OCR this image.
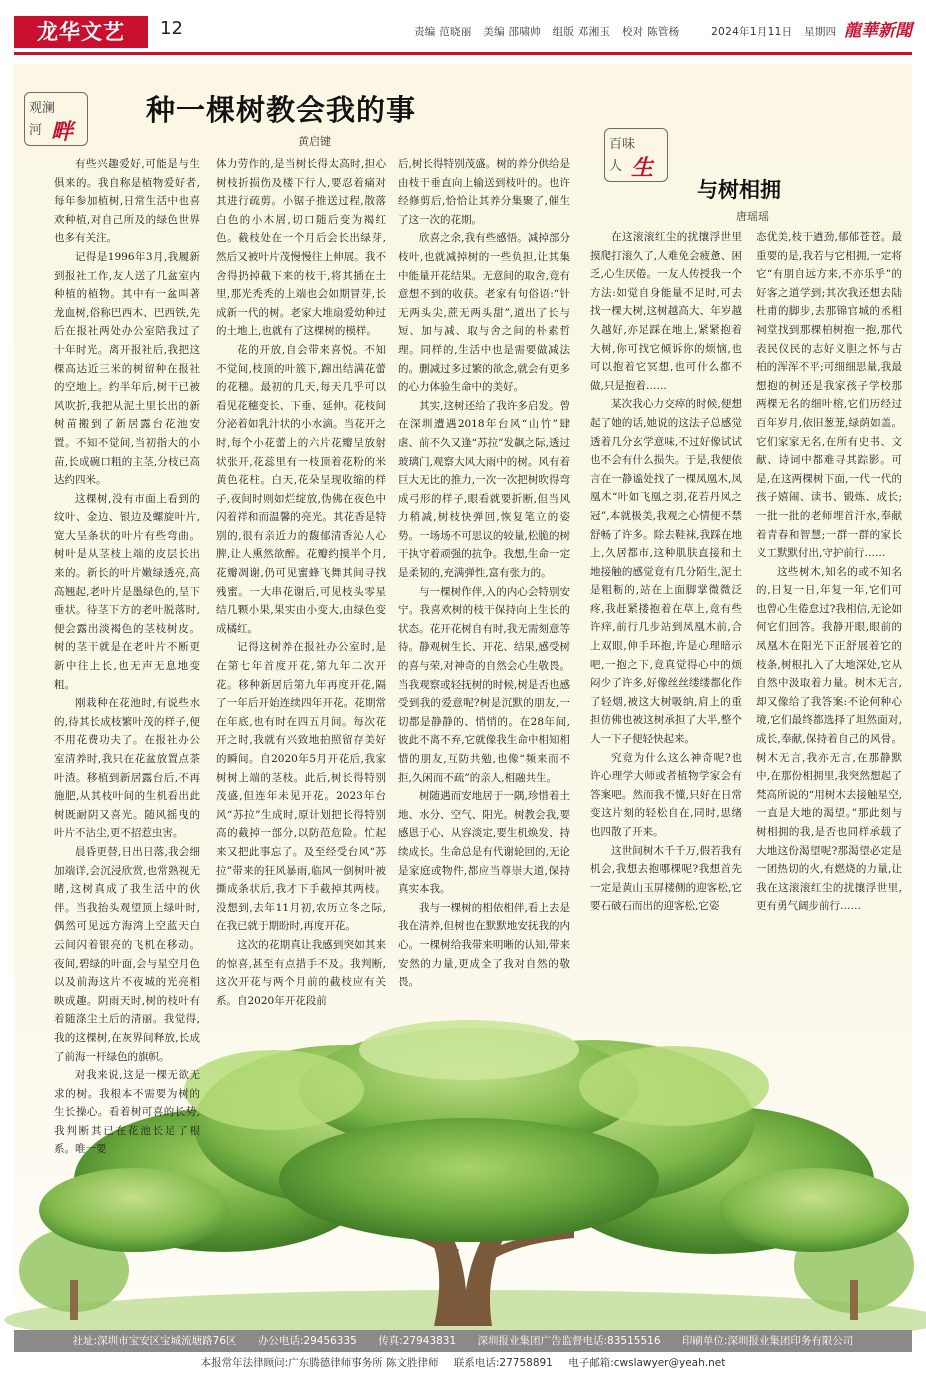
龙华文艺	12	责编 范晓丽 美编 邵啸帅 组版 邓湘玉 校对 陈管杨	2024年1月11日 星期四 龍華新聞
观澜
河 畔
种一棵树教会我的事
黄启键

有些兴趣爱好,可能是与生俱来的。我自称是植物爱好者,每年参加植树,日常生活中也喜欢种植,对自己所及的绿色世界也多有关注。

记得是1996年3月,我履新到报社工作,友人送了几盆室内种植的植物。其中有一盆叫著龙血树,俗称巴西木、巴西铁,先后在报社两处办公室陪我过了十年时光。离开报社后,我把这棵高达近三米的树留种在报社的空地上。约半年后,树干已被风吹折,我把从泥土里长出的新树苗搬到了新居露台花池安置。不知不觉间,当初指大的小苗,长成碗口粗的主茎,分枝已高达约四米。

这棵树,没有市面上看到的纹叶、金边、银边及螺旋叶片,宽大呈条状的叶片有些弯曲。树叶是从茎枝上端的皮层长出来的。新长的叶片嫩绿透亮,高高翘起,老叶片是墨绿色的,呈下垂状。待茎下方的老叶脱落时,便会露出淡褐色的茎枝树皮。树的茎干就是在老叶片不断更新中往上长,也无声无息地变粗。

刚栽种在花池时,有说些水的,待其长成枝繁叶茂的样子,便不用花费功夫了。在报社办公室清养时,我只在花盆放置点茶叶渣。移植到新居露台后,不再施肥,从其枝叶间的生机看出此树既耐阴又喜光。随风摇曳的叶片不沾尘,更不招惹虫害。

晨昏更替,日出日落,我会细加端详,会沉浸欣赏,也常熟视无睹,这树真成了我生活中的伙伴。当我抬头观望顶上绿叶时,偶然可见远方海湾上空蓝天白云间闪着银亮的飞机在移动。夜间,碧绿的叶面,会与星空月色以及前海这片不夜城的光亮相映成趣。阴雨天时,树的枝叶有着随涤尘土后的清丽。我觉得,我的这棵树,在灰界间释放,长成了前海一杆绿色的旗帜。

对我来说,这是一棵无欲无求的树。我根本不需要为树的生长操心。看着树可喜的长势,我判断其已在花池长足了根系。唯一要

体力劳作的,是当树长得太高时,担心树枝折损伤及楼下行人,要忍着痛对其进行疏剪。小锯子推送过程,散落白色的小木屑,切口随后变为褐红色。截枝处在一个月后会长出绿芽,然后又被叶片茂慢慢往上伸展。我不舍得扔掉截下来的枝干,将其插在土里,那光秃秃的上端也会如期冒芽,长成新一代的树。老家大堆扇爱幼种过的土地上,也就有了这棵树的模样。

花的开放,自会带来喜悦。不知不觉间,枝顶的叶簇下,蹿出结满花蕾的花穗。最初的几天,每天几乎可以看见花穗变长、下垂、延伸。花枝间分泌着如乳汁状的小水滴。当花开之时,每个小花蕾上的六片花瓣呈放射状张开,花蕊里有一枝顶着花粉的米黄色花柱。白天,花朵呈现收缩的样子,夜间时则如烂绽放,伪佛在夜色中闪着祥和而温馨的亮光。其花香是特别的,很有亲近力的馥郁清香沁人心脾,让人熏然欲醉。花瓣约摸半个月,花瓣凋谢,仍可见蜜蜂飞舞其间寻找残蜜。一大串花谢后,可见枝头零星结几颗小果,果实由小变大,由绿色变成橘红。

记得这树养在报社办公室时,是在第七年首度开花,第九年二次开花。移种新居后第九年再度开花,隔了一年后开始连续四年开花。花期常在年底,也有时在四五月间。每次花开之时,我就有兴致地拍照留存美好的瞬间。自2020年5月开花后,我家树树上端的茎枝。此后,树长得特别茂盛,但连年未见开花。2023年台风“苏拉”生成时,原计划把长得特别高的截掉一部分,以防范危险。忙起来又把此事忘了。及至经受台风“苏拉”带来的狂风暴雨,临风一倒树叶被撕成条状后,我才下手截掉其两枝。没想到,去年11月初,农历立冬之际,在我已就于期盼时,再度开花。

这次的花期真让我感到突如其来的惊喜,甚至有点措手不及。我判断,这次开花与两个月前的截枝应有关系。自2020年开花段前

后,树长得特别茂盛。树的养分供给是由枝干垂直向上输送到枝叶的。也许经修剪后,恰恰让其养分集聚了,催生了这一次的花期。

欣喜之余,我有些感悟。减掉部分枝叶,也就减掉树的一些负担,让其集中能量开花结果。无意间的取舍,竟有意想不到的收获。老家有句俗语:“针无两头尖,蔗无两头甜”,道出了长与短、加与减、取与舍之间的朴素哲理。同样的,生活中也是需要做减法的。删减过多过繁的欲念,就会有更多的心力体验生命中的美好。

其实,这树还给了我许多启发。曾在深圳遭遇2018年台风“山竹”肆虐、前不久又逢“苏拉”发飙之际,透过玻璃门,观察大风大雨中的树。风有着巨大无比的推力,一次一次把树吹得弯成弓形的样子,眼看就要折断,但当风力稍减,树枝快弹回,恢复笔立的姿势。一场场不可思议的较量,松脆的树干执守着顽强的抗争。我想,生命一定是柔韧的,充满弹性,富有张力的。

与一棵树作伴,入的内心会特别安宁。我喜欢树的枝干保持向上生长的状态。花开花树自有时,我无需刻意等待。静观树生长、开花、结果,感受树的喜与荣,对神奇的自然会心生敬畏。当我观察或轻抚树的时候,树是否也感受到我的爱意呢?树是沉默的朋友,一切都是静静的、悄悄的。在28年间,彼此不离不弃,它就像我生命中相知相惜的朋友,互防共勉,也像“频来而不拒,久闲而不疏”的亲人,相融共生。

树随遇而安地居于一隅,珍惜着土地、水分、空气、阳光。树教会我,要感恩于心、从容淡定,要生机焕发、持续成长。生命总是有代谢轮回的,无论是家庭或物件,都应当尊崇大道,保持真实本我。

我与一棵树的相依相伴,看上去是我在清养,但树也在默默地安抚我的内心。一棵树给我带来明晰的认知,带来安然的力量,更成全了我对自然的敬畏。

百味
人 生
与树相拥
唐瑶瑶

在这滚滚红尘的扰攘浮世里摸爬打滚久了,人难免会疲惫、困乏,心生厌倦。一友人传授我一个方法:如觉自身能量不足时,可去找一棵大树,这树越高大、年岁越久越好,亦足踩在地上,紧紧抱着大树,你可找它倾诉你的烦恼,也可以抱着它冥想,也可什么都不做,只是抱着……

某次我心力交瘁的时候,便想起了她的话,她说的这法子总感觉透着几分玄学意味,不过好像试试也不会有什么损失。于是,我便依言在一静谧处找了一棵凤凰木,凤凰木“叶如飞凰之羽,花若丹凤之冠”,本就极美,我观之心情便不禁舒畅了许多。除去鞋袜,我踩在地上,久居都市,这种肌肤直接和土地接触的感觉竟有几分陌生,泥土是粗粝的,站在上面脚掌微微泛疼,我赶紧搂抱着在草上,竟有些许痒,前行几步站到凤凰木前,合上双眼,伸手环抱,许是心理暗示吧,一抱之下,竟真觉得心中的烦闷少了许多,好像丝丝缕缕都化作了轻烟,被这大树吸纳,肩上的重担仿佛也被这树承担了大半,整个人一下子便轻快起来。

究竟为什么这么神奇呢?也许心理学大师或者植物学家会有答案吧。然而我不懂,只好在日常变这片刻的轻松自在,同时,思绪也四散了开来。

这世间树木千千万,假若我有机会,我想去抱哪棵呢?我想首先一定是黄山玉屏楼侧的迎客松,它要石破石而出的迎客松,它姿

态优美,枝干遒劲,郁郁苍苍。最重要的是,我若与它相拥,一定将它“有朋自远方来,不亦乐乎”的好客之道学到;其次我还想去陆杜甫的脚步,去那锦官城的丞相祠堂找到那棵柏树抱一抱,那代表民仪民的志好义胆之怀与古柏的浑浑不平;可细细思量,我最想抱的树还是我家孩子学校那两棵无名的细叶榕,它们历经过百年岁月,依旧葱茏,绿荫如盖。它们家家无名,在所有史书、文献、诗词中都难寻其踪影。可是,在这两棵树下面,一代一代的孩子嬉闹、读书、锻炼、成长;一批一批的老师埋首汗水,奉献着青春和智慧;一群一群的家长义工默默付出,守护前行……

这些树木,知名的或不知名的,日复一日,年复一年,它们可也曾心生倦怠过?我相信,无论如何它们回答。我静开眼,眼前的凤凰木在阳光下正舒展着它的枝条,树根扎入了大地深处,它从自然中汲取着力量。树木无言,却又像给了我答案:不论何种心境,它们最终都选择了坦然面对,成长,奉献,保持着自己的风骨。树木无言,我亦无言,在那静默中,在那份相拥里,我突然想起了梵高所说的“用树木去接触星空,一直是大地的渴望。”那此刻与树相拥的我,是否也同样承载了大地这份渴望呢?那渴望必定是一团热切的火,有燃烧的力量,让我在这滚滚红尘的扰攘浮世里,更有勇气阔步前行……

社址:深圳市宝安区宝城流塘路76区 办公电话:29456335 传真:27943831 深圳报业集团广告监督电话:83515516 印刷单位:深圳报业集团印务有限公司
本报常年法律顾问:广东腾德律师事务所 陈文胜律师 联系电话:27758891 电子邮箱:cwslawyer@yeah.net
